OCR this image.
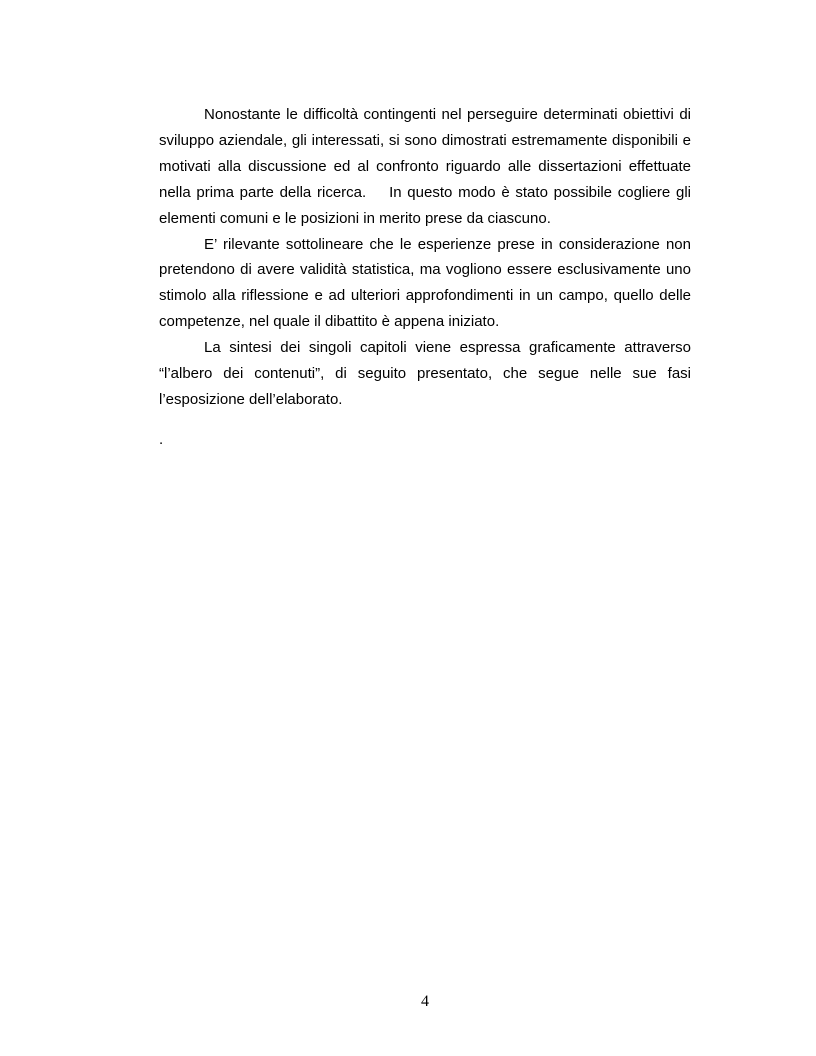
Nonostante le difficoltà contingenti nel perseguire determinati obiettivi di sviluppo aziendale, gli interessati, si sono dimostrati estremamente disponibili e motivati alla discussione ed al confronto riguardo alle dissertazioni effettuate nella prima parte della ricerca.    In questo modo è stato possibile cogliere gli elementi comuni e le posizioni in merito prese da ciascuno.

E’ rilevante sottolineare che le esperienze prese in considerazione non pretendono di avere validità statistica, ma vogliono essere esclusivamente uno stimolo alla riflessione e ad ulteriori approfondimenti in un campo, quello delle competenze, nel quale il dibattito è appena iniziato.

La sintesi dei singoli capitoli viene espressa graficamente attraverso “l’albero dei contenuti”, di seguito presentato, che segue nelle sue fasi l’esposizione dell’elaborato.

.

4
